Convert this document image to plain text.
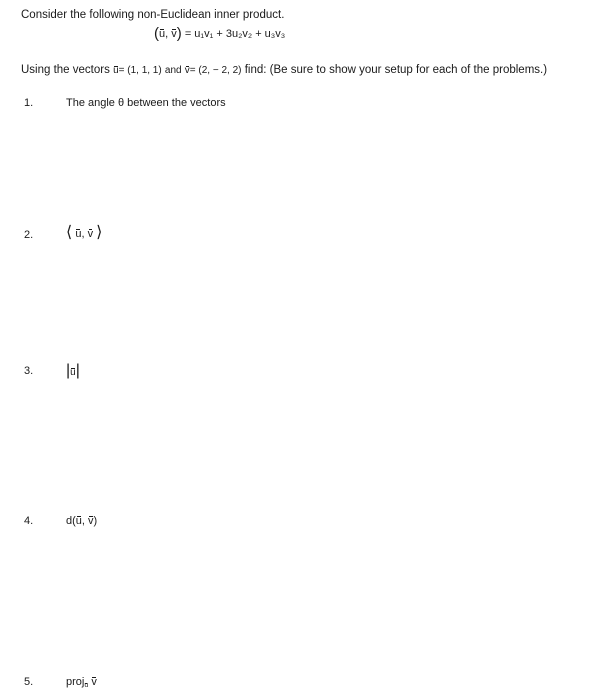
Consider the following non-Euclidean inner product.
(u, v) = u₁v₁ + 3u₂v₂ + u₃v₃
Using the vectors u= (1, 1, 1) and v= (2, − 2, 2) find: (Be sure to show your setup for each of the problems.)
1.	The angle θ between the vectors
2. ⟨ u, v ⟩
3. |u|
4.	d(u, v)
5.	proj$_u$ v
